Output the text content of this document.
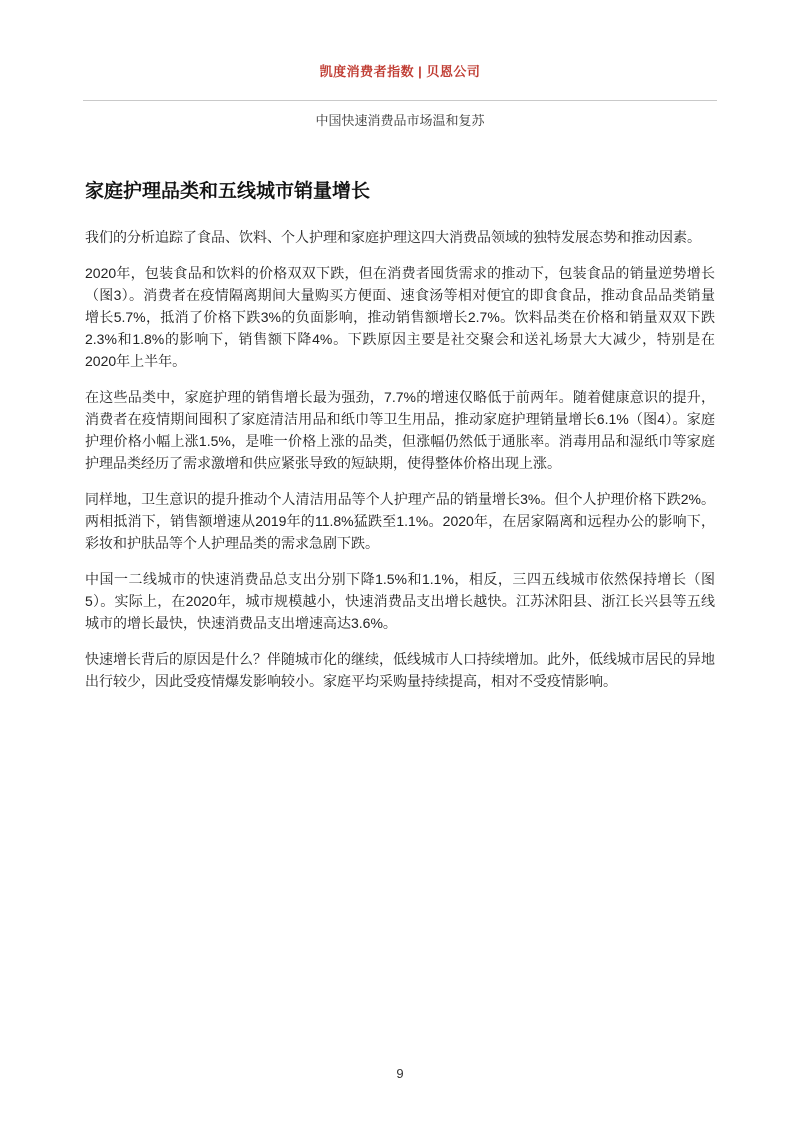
凯度消费者指数 | 贝恩公司
中国快速消费品市场温和复苏
家庭护理品类和五线城市销量增长

我们的分析追踪了食品、饮料、个人护理和家庭护理这四大消费品领域的独特发展态势和推动因素。

2020年，包装食品和饮料的价格双双下跌，但在消费者囤货需求的推动下，包装食品的销量逆势增长（图3）。消费者在疫情隔离期间大量购买方便面、速食汤等相对便宜的即食食品，推动食品品类销量增长5.7%，抵消了价格下跌3%的负面影响，推动销售额增长2.7%。饮料品类在价格和销量双双下跌2.3%和1.8%的影响下，销售额下降4%。下跌原因主要是社交聚会和送礼场景大大减少，特别是在2020年上半年。

在这些品类中，家庭护理的销售增长最为强劲，7.7%的增速仅略低于前两年。随着健康意识的提升，消费者在疫情期间囤积了家庭清洁用品和纸巾等卫生用品，推动家庭护理销量增长6.1%（图4）。家庭护理价格小幅上涨1.5%，是唯一价格上涨的品类，但涨幅仍然低于通胀率。消毒用品和湿纸巾等家庭护理品类经历了需求激增和供应紧张导致的短缺期，使得整体价格出现上涨。

同样地，卫生意识的提升推动个人清洁用品等个人护理产品的销量增长3%。但个人护理价格下跌2%。两相抵消下，销售额增速从2019年的11.8%猛跌至1.1%。2020年，在居家隔离和远程办公的影响下，彩妆和护肤品等个人护理品类的需求急剧下跌。

中国一二线城市的快速消费品总支出分别下降1.5%和1.1%，相反，三四五线城市依然保持增长（图5）。实际上，在2020年，城市规模越小，快速消费品支出增长越快。江苏沭阳县、浙江长兴县等五线城市的增长最快，快速消费品支出增速高达3.6%。

快速增长背后的原因是什么？伴随城市化的继续，低线城市人口持续增加。此外，低线城市居民的异地出行较少，因此受疫情爆发影响较小。家庭平均采购量持续提高，相对不受疫情影响。

9
